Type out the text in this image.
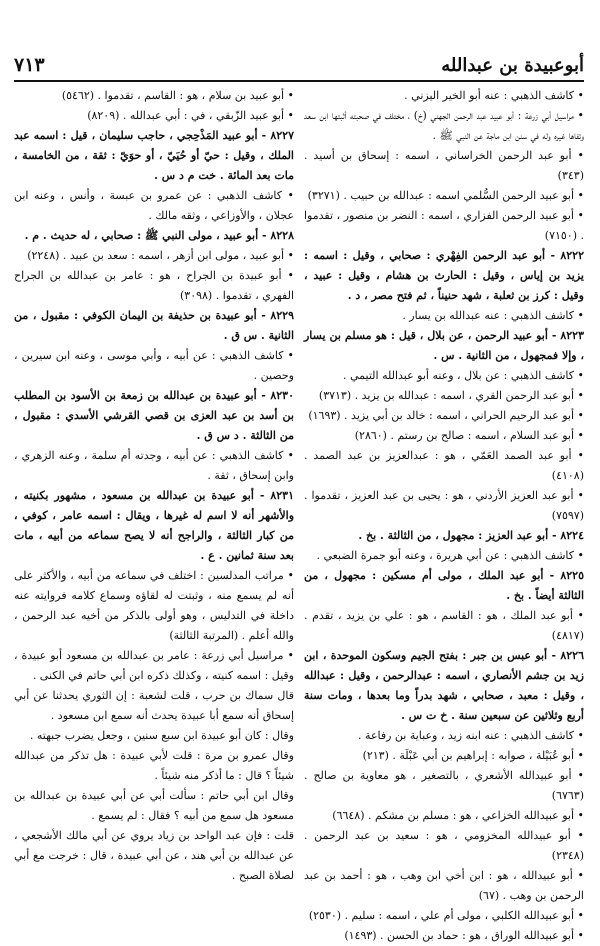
٧١٣	أبوعبيدة بن عبدالله

• كاشف الذهبي : عنه أبو الخير اليزني .

• مراسيل أبي زرعة : أبو عبيد عبد الرحمن الجهني (خ) ، مختلف في صحبته أثبتها ابن سعد وتفاها غيره وله في سنن ابن ماجة عن النبي ﷺ .

• أبو عبد الرحمن الخراساني ، اسمه : إسحاق بن أسيد . (٣٤٣)

• أبو عبيد الرحمن السُّلمي اسمه : عبدالله بن حبيب . (٣٢٧١)

• أبو عبيد الرحمن الفزاري ، اسمه : النضر بن منصور ، تقدموا . (٧١٥٠)

٨٢٢٢ - أبو عبد الرحمن الفِهْري : صحابي ، وقيل : اسمه : يزيد بن إياس ، وقيل : الحارث بن هشام ، وقيل : عبيد ، وقيل : كرز بن ثعلبة ، شهد حنيناً ، ثم فتح مصر ، د .

• كاشف الذهبي : عنه عبدالله بن يسار .

٨٢٢٣ - أبو عبيد الرحمن ، عن بلال ، قيل : هو مسلم بن يسار ، وإلا فمجهول ، من الثانية . س .

• كاشف الذهبي : عن بلال ، وعنه أبو عبدالله التيمي .

• أبو عبد الرحمن القري ، اسمه : عبدالله بن يزيد . (٣٧١٣)

• أبو عبد الرحيم الحراني ، اسمه : خالد بن أبي يزيد . (١٦٩٣)

• أبو عبد السلام ، اسمه : صالح بن رستم . (٢٨٦٠)

• أبو عبد الصمد العَمّي ، هو : عبدالعزيز بن عبد الصمد . (٤١٠٨)

• أبو عبد العزيز الأردني ، هو : يحيى بن عبد العزيز ، تقدموا . (٧٥٩٧)

٨٢٢٤ - أبو عبد العزيز : مجهول ، من الثالثة . بخ .

• كاشف الذهبي : عن أبي هريرة ، وعنه أبو جمرة الضبعي .

٨٢٢٥ - أبو عبد الملك ، مولى أم مسكين : مجهول ، من الثالثة أيضاً . بخ .

• أبو عبد الملك ، هو : القاسم ، هو : علي بن يزيد ، تقدم . (٤٨١٧)

٨٢٢٦ - أبو عبس بن جبر : بفتح الجيم وسكون الموحدة ، ابن زيد بن جشم الأنصاري ، اسمه : عبدالرحمن ، وقيل : عبدالله ، وقيل : معبد ، صحابي ، شهد بدراً وما بعدها ، ومات سنة أربع وثلاثين عن سبعين سنة . خ ت س .

• كاشف الذهبي : عنه ابنه زيد ، وعباية بن رفاعة .

• أبو عُبَيْلة ، صوابه : إبراهيم بن أبي عَبْلَة . (٢١٣)

• أبو عبيدالله الأشعري ، بالتصغير ، هو معاوية بن صالح . (٦٧٦٣)

• أبو عبيدالله الخزاعي ، هو : مسلم بن مشكم . (٦٦٤٨)

• أبو عبيدالله المخزومي ، هو : سعيد بن عبد الرحمن . (٢٣٤٨)

• أبو عبيدالله ، هو : ابن أخي ابن وهب ، هو : أحمد بن عبد الرحمن بن وهب . (٦٧)

• أبو عبيدالله الكلبي ، مولى أم علي ، اسمه : سليم . (٢٥٣٠)

• أبو عبيدالله الوراق ، هو : حماد بن الحسن . (١٤٩٣)

• أبو عبيد بن سلام ، هو : القاسم ، تقدموا . (٥٤٦٢)

• أبو عبيد الزّبقي ، في : أبي عبدالله . (٨٢٠٩)

٨٢٢٧ - أبو عبيد المَذْحِجي ، حاجب سليمان ، قيل : اسمه عبد الملك ، وقيل : حيّ أو حُيَيّ ، أو حوَيّ : ثقة ، من الخامسة ، مات بعد المائة . خت م د س .

• كاشف الذهبي : عن عمرو بن عبسة ، وأنس ، وعنه ابن عجلان ، والأوزاعي ، وثقه مالك .

٨٢٢٨ - أبو عبيد ، مولى النبي ﷺ : صحابي ، له حديث . م .

• أبو عبيد ، مولى ابن أزهر ، اسمه : سعد بن عبيد . (٢٢٤٨)

• أبو عبيدة بن الجراح ، هو : عامر بن عبدالله بن الجراح الفهري ، تقدموا . (٣٠٩٨)

٨٢٢٩ - أبو عبيدة بن حذيفة بن اليمان الكوفي : مقبول ، من الثانية . س ق .

• كاشف الذهبي : عن أبيه ، وأبي موسى ، وعنه ابن سيرين ، وحصين .

٨٢٣٠ - أبو عبيدة بن عبدالله بن زمعة بن الأسود بن المطلب بن أسد بن عبد العزى بن قصي القرشي الأسدي : مقبول ، من الثالثة . د س ق .

• كاشف الذهبي : عن أبيه ، وجدته أم سلمة ، وعنه الزهري ، وابن إسحاق ، ثقة .

٨٢٣١ - أبو عبيدة بن عبدالله بن مسعود ، مشهور بكنيته ، والأشهر أنه لا اسم له غيرها ، ويقال : اسمه عامر ، كوفي ، من كبار الثالثة ، والراجح أنه لا يصح سماعه من أبيه ، مات بعد سنة ثمانين . ع .

• مراتب المدلسين : اختلف في سماعه من أبيه ، والأكثر على أنه لم يسمع منه ، وثبتت له لقاؤه وسماع كلامه فروايته عنه داخلة في التدليس ، وهو أولى بالذكر من أخيه عبد الرحمن ، والله أعلم . (المرتبة الثالثة)

• مراسيل أبي زرعة : عامر بن عبدالله بن مسعود أبو عبيدة ، وقيل : اسمه كنيته ، وكذلك ذكره ابن أبي حاتم في الكنى .

قال سماك بن حرب ، قلت لشعبة : إن الثوري يحدثنا عن أبي إسحاق أنه سمع أبا عبيدة يحدث أنه سمع ابن مسعود .

وقال : كان أبو عبيدة ابن سبع سنين ، وجعل يضرب جبهته .

وقال عمرو بن مرة : قلت لأبي عبيدة : هل تذكر من عبدالله شيئاً ؟ قال : ما أذكر منه شيئاً .

وقال ابن أبي حاتم : سألت أبي عن أبي عبيدة بن عبدالله بن مسعود هل سمع من أبيه ؟ فقال : لم يسمع .

قلت : فإن عبد الواحد بن زياد يروي عن أبي مالك الأشجعي ، عن عبدالله بن أبي هند ، عن أبي عبيدة ، قال : خرجت مع أبي لصلاة الصبح .
